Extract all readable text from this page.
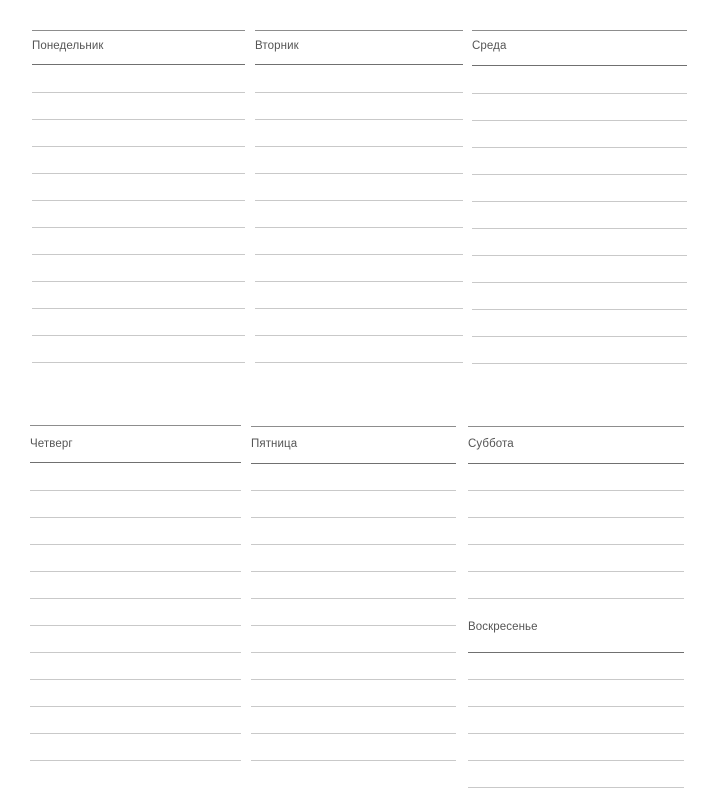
Понедельник	Вторник	Среда
Четверг	Пятница	Суббота
Воскресенье
